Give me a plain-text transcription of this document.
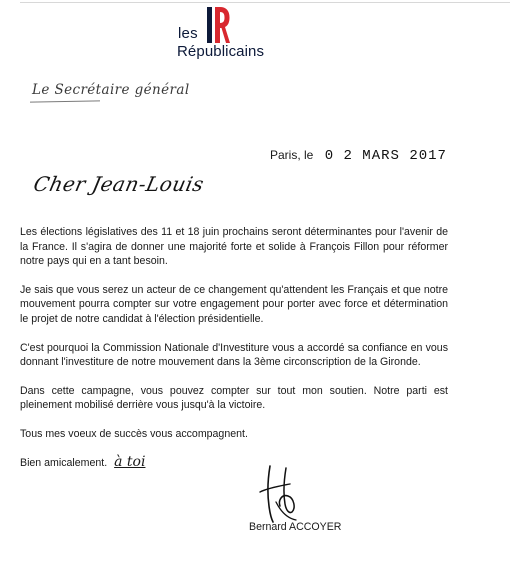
les
Républicains
Le Secrétaire général
Paris, le 0 2 MARS 2017
Cher Jean-Louis

Les élections législatives des 11 et 18 juin prochains seront déterminantes pour l'avenir de la France. Il s'agira de donner une majorité forte et solide à François Fillon pour réformer notre pays qui en a tant besoin.

Je sais que vous serez un acteur de ce changement qu'attendent les Français et que notre mouvement pourra compter sur votre engagement pour porter avec force et détermination le projet de notre candidat à l'élection présidentielle.

C'est pourquoi la Commission Nationale d'Investiture vous a accordé sa confiance en vous donnant l'investiture de notre mouvement dans la 3ème circonscription de la Gironde.

Dans cette campagne, vous pouvez compter sur tout mon soutien. Notre parti est pleinement mobilisé derrière vous jusqu'à la victoire.

Tous mes voeux de succès vous accompagnent.

Bien amicalement. à toi
Bernard ACCOYER
